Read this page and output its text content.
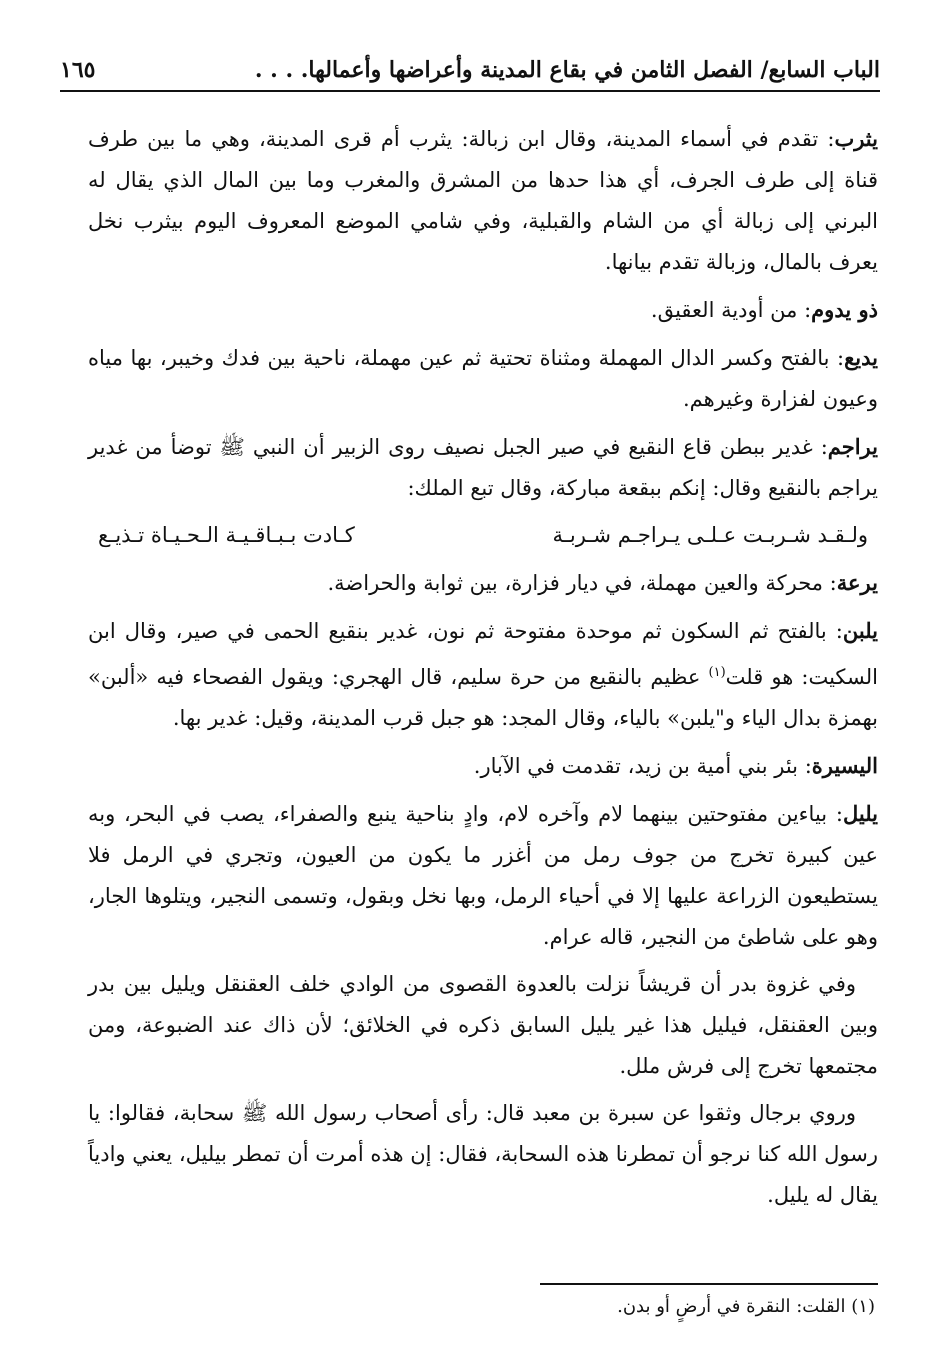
الباب السابع/ الفصل الثامن في بقاع المدينة وأعراضها وأعمالها. . . .
١٦٥

يثرب: تقدم في أسماء المدينة، وقال ابن زبالة: يثرب أم قرى المدينة، وهي ما بين طرف قناة إلى طرف الجرف، أي هذا حدها من المشرق والمغرب وما بين المال الذي يقال له البرني إلى زبالة أي من الشام والقبلية، وفي شامي الموضع المعروف اليوم بيثرب نخل يعرف بالمال، وزبالة تقدم بيانها.

ذو يدوم: من أودية العقيق.

يديع: بالفتح وكسر الدال المهملة ومثناة تحتية ثم عين مهملة، ناحية بين فدك وخيبر، بها مياه وعيون لفزارة وغيرهم.

يراجم: غدير ببطن قاع النقيع في صير الجبل نصيف روى الزبير أن النبي ﷺ توضأ من غدير يراجم بالنقيع وقال: إنكم ببقعة مباركة، وقال تبع الملك:

ولـقـد شـربـت عـلـى يـراجـم شـربـة
كـادت بـبـاقـيـة الـحـيـاة تـذيـع

يرعة: محركة والعين مهملة، في ديار فزارة، بين ثوابة والحراضة.

يلبن: بالفتح ثم السكون ثم موحدة مفتوحة ثم نون، غدير بنقيع الحمى في صير، وقال ابن السكيت: هو قلت$^{(١)}$ عظيم بالنقيع من حرة سليم، قال الهجري: ويقول الفصحاء فيه «ألبن» بهمزة بدال الياء و"يلبن» بالياء، وقال المجد: هو جبل قرب المدينة، وقيل: غدير بها.

اليسيرة: بئر بني أمية بن زيد، تقدمت في الآبار.

يليل: بياءين مفتوحتين بينهما لام وآخره لام، وادٍ بناحية ينبع والصفراء، يصب في البحر، وبه عين كبيرة تخرج من جوف رمل من أغزر ما يكون من العيون، وتجري في الرمل فلا يستطيعون الزراعة عليها إلا في أحياء الرمل، وبها نخل وبقول، وتسمى النجير، ويتلوها الجار، وهو على شاطئ من النجير، قاله عرام.

وفي غزوة بدر أن قريشاً نزلت بالعدوة القصوى من الوادي خلف العقنقل ويليل بين بدر وبين العقنقل، فيليل هذا غير يليل السابق ذكره في الخلائق؛ لأن ذاك عند الضبوعة، ومن مجتمعها تخرج إلى فرش ملل.

وروي برجال وثقوا عن سبرة بن معبد قال: رأى أصحاب رسول الله ﷺ سحابة، فقالوا: يا رسول الله كنا نرجو أن تمطرنا هذه السحابة، فقال: إن هذه أمرت أن تمطر بيليل، يعني وادياً يقال له يليل.

(١) القلت: النقرة في أرضٍ أو بدن.
